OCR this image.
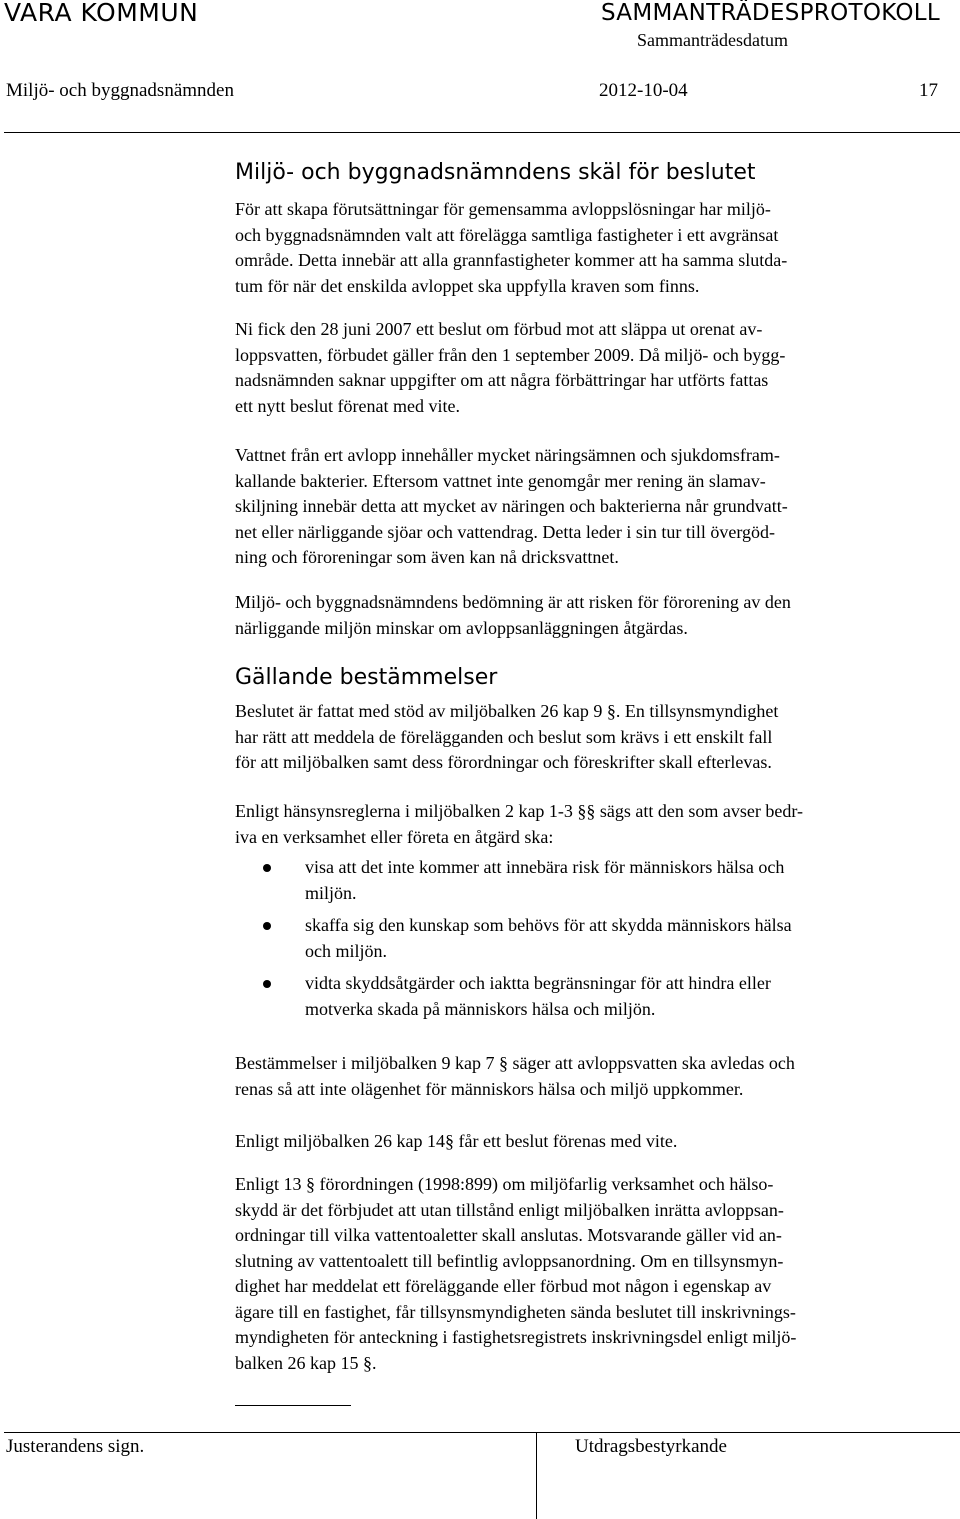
VARA KOMMUN	SAMMANTRÄDESPROTOKOLL
Sammanträdesdatum
Miljö- och byggnadsnämnden	2012-10-04	17
Miljö- och byggnadsnämndens skäl för beslutet

För att skapa förutsättningar för gemensamma avloppslösningar har miljö-
och byggnadsnämnden valt att förelägga samtliga fastigheter i ett avgränsat
område. Detta innebär att alla grannfastigheter kommer att ha samma slutda-
tum för när det enskilda avloppet ska uppfylla kraven som finns.

Ni fick den 28 juni 2007 ett beslut om förbud mot att släppa ut orenat av-
loppsvatten, förbudet gäller från den 1 september 2009. Då miljö- och bygg-
nadsnämnden saknar uppgifter om att några förbättringar har utförts fattas
ett nytt beslut förenat med vite.

Vattnet från ert avlopp innehåller mycket näringsämnen och sjukdomsfram-
kallande bakterier. Eftersom vattnet inte genomgår mer rening än slamav-
skiljning innebär detta att mycket av näringen och bakterierna når grundvatt-
net eller närliggande sjöar och vattendrag. Detta leder i sin tur till övergöd-
ning och föroreningar som även kan nå dricksvattnet.

Miljö- och byggnadsnämndens bedömning är att risken för förorening av den
närliggande miljön minskar om avloppsanläggningen åtgärdas.

Gällande bestämmelser

Beslutet är fattat med stöd av miljöbalken 26 kap 9 §. En tillsynsmyndighet
har rätt att meddela de förelägganden och beslut som krävs i ett enskilt fall
för att miljöbalken samt dess förordningar och föreskrifter skall efterlevas.

Enligt hänsynsreglerna i miljöbalken 2 kap 1-3 §§ sägs att den som avser bedr-
iva en verksamhet eller företa en åtgärd ska:

visa att det inte kommer att innebära risk för människors hälsa och
miljön.
skaffa sig den kunskap som behövs för att skydda människors hälsa
och miljön.
vidta skyddsåtgärder och iaktta begränsningar för att hindra eller
motverka skada på människors hälsa och miljön.

Bestämmelser i miljöbalken 9 kap 7 § säger att avloppsvatten ska avledas och
renas så att inte olägenhet för människors hälsa och miljö uppkommer.

Enligt miljöbalken 26 kap 14§ får ett beslut förenas med vite.

Enligt 13 § förordningen (1998:899) om miljöfarlig verksamhet och hälso-
skydd är det förbjudet att utan tillstånd enligt miljöbalken inrätta avloppsan-
ordningar till vilka vattentoaletter skall anslutas. Motsvarande gäller vid an-
slutning av vattentoalett till befintlig avloppsanordning. Om en tillsynsmyn-
dighet har meddelat ett föreläggande eller förbud mot någon i egenskap av
ägare till en fastighet, får tillsynsmyndigheten sända beslutet till inskrivnings-
myndigheten för anteckning i fastighetsregistrets inskrivningsdel enligt miljö-
balken 26 kap 15 §.

Justerandens sign.	Utdragsbestyrkande
